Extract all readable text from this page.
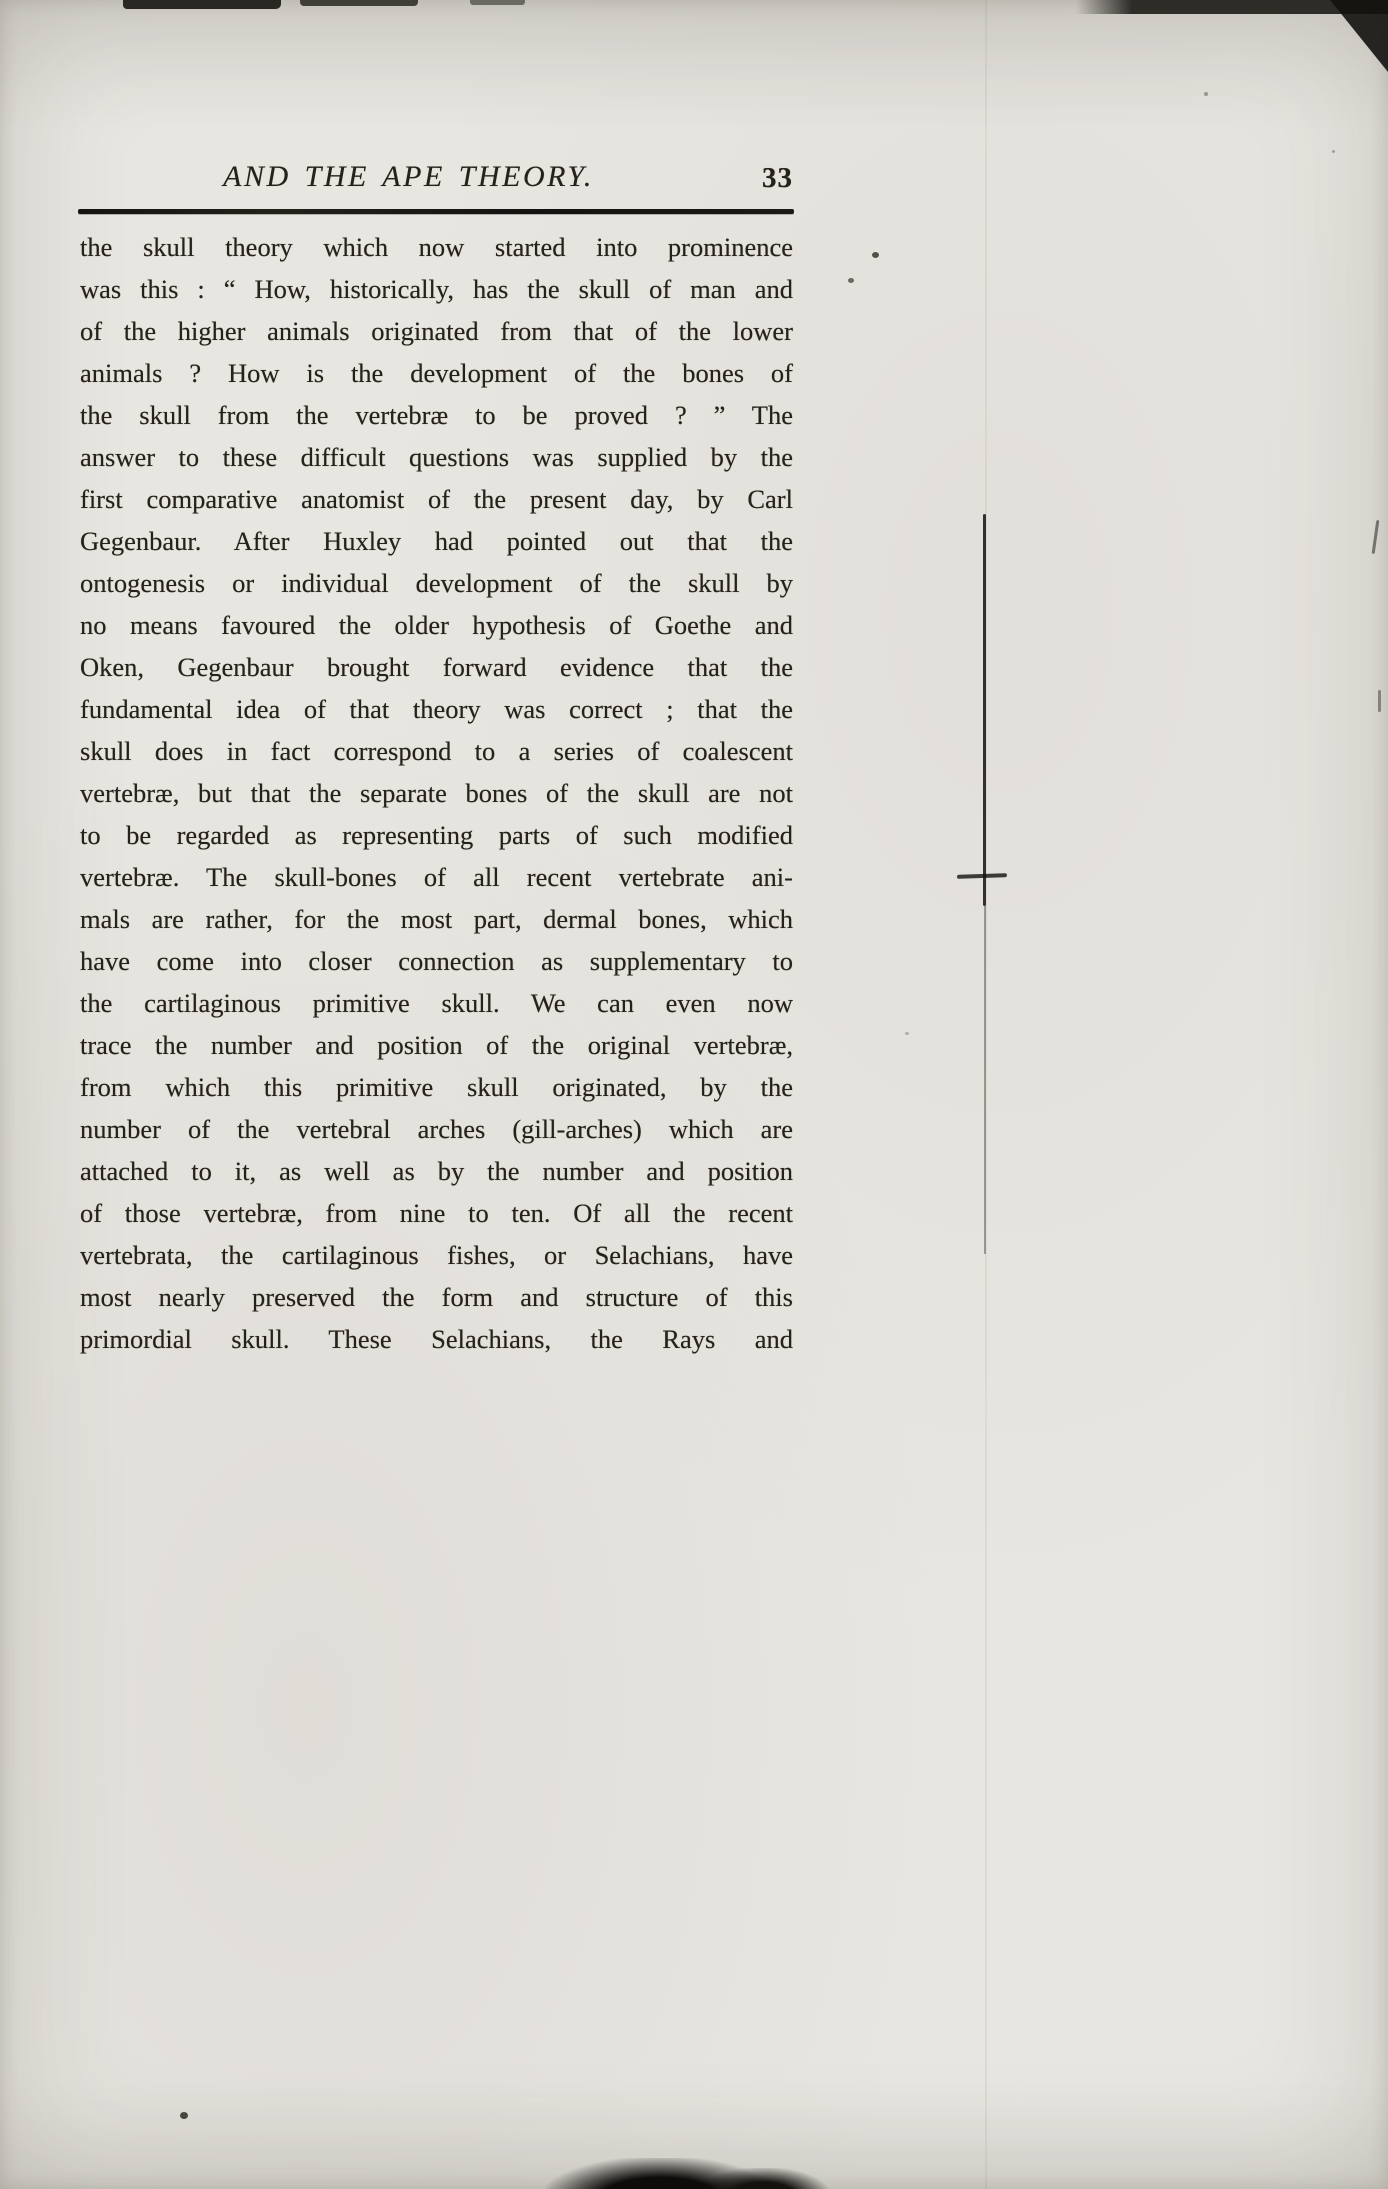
AND THE APE THEORY.	33
the skull theory which now started into prominence
was this : “ How, historically, has the skull of man and
of the higher animals originated from that of the lower
animals ? How is the development of the bones of
the skull from the vertebræ to be proved ? ” The
answer to these difficult questions was supplied by the
first comparative anatomist of the present day, by Carl
Gegenbaur. After Huxley had pointed out that the
ontogenesis or individual development of the skull by
no means favoured the older hypothesis of Goethe and
Oken, Gegenbaur brought forward evidence that the
fundamental idea of that theory was correct ; that the
skull does in fact correspond to a series of coalescent
vertebræ, but that the separate bones of the skull are not
to be regarded as representing parts of such modified
vertebræ. The skull-bones of all recent vertebrate ani-
mals are rather, for the most part, dermal bones, which
have come into closer connection as supplementary to
the cartilaginous primitive skull. We can even now
trace the number and position of the original vertebræ,
from which this primitive skull originated, by the
number of the vertebral arches (gill-arches) which are
attached to it, as well as by the number and position
of those vertebræ, from nine to ten. Of all the recent
vertebrata, the cartilaginous fishes, or Selachians, have
most nearly preserved the form and structure of this
primordial skull. These Selachians, the Rays and
